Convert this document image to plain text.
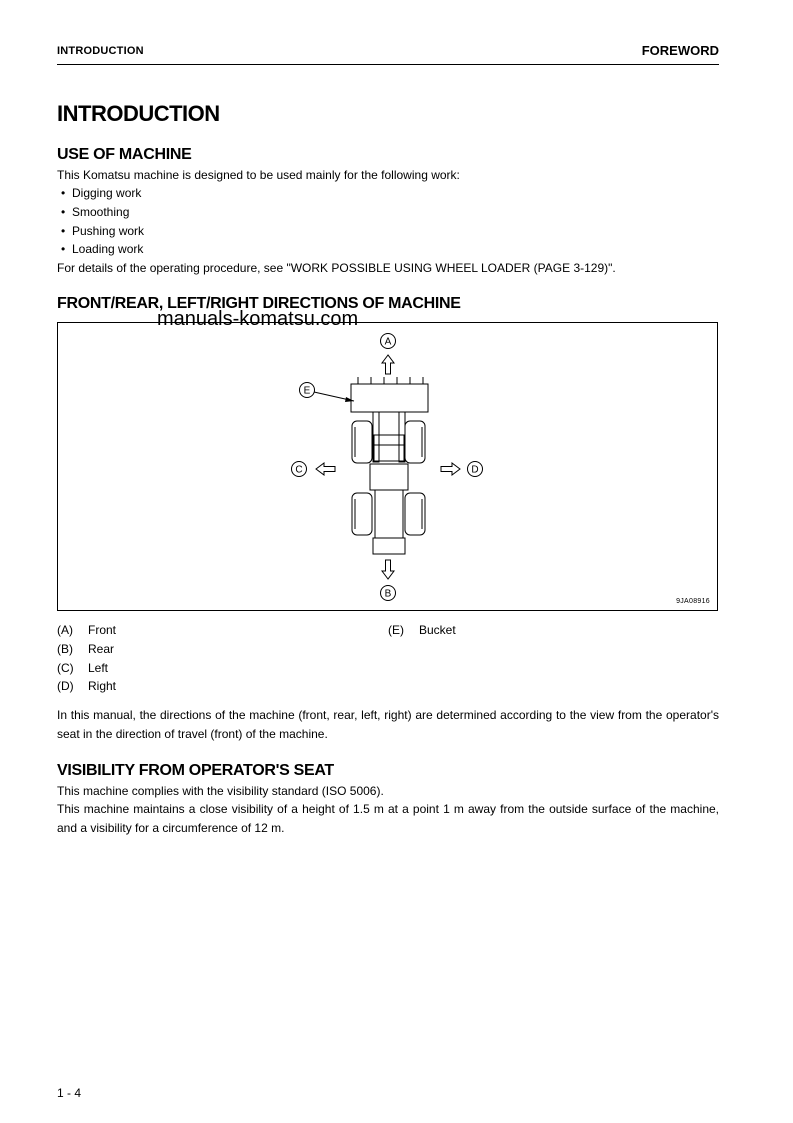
INTRODUCTION	FOREWORD
INTRODUCTION
USE OF MACHINE
This Komatsu machine is designed to be used mainly for the following work:
• Digging work
• Smoothing
• Pushing work
• Loading work
For details of the operating procedure, see "WORK POSSIBLE USING WHEEL LOADER (PAGE 3-129)".
FRONT/REAR, LEFT/RIGHT DIRECTIONS OF MACHINE
manuals-komatsu.com
A
B
C	D
E
9JA08916
(A) Front
(B) Rear
(C) Left
(D) Right
(E) Bucket
In this manual, the directions of the machine (front, rear, left, right) are determined according to the view from the operator's seat in the direction of travel (front) of the machine.
VISIBILITY FROM OPERATOR'S SEAT
This machine complies with the visibility standard (ISO 5006).
This machine maintains a close visibility of a height of 1.5 m at a point 1 m away from the outside surface of the machine, and a visibility for a circumference of 12 m.
1 - 4
